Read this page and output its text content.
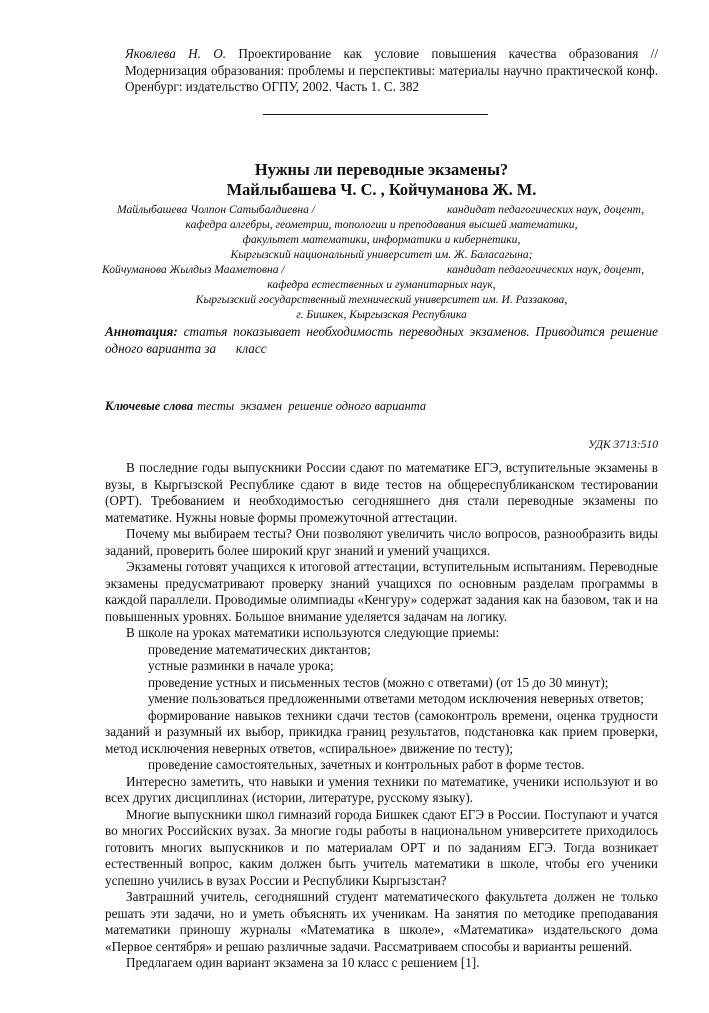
Яковлева Н. О. Проектирование как условие повышения качества образования // Модернизация образования: проблемы и перспективы: материалы научно практической конф. Оренбург: издательство ОГПУ, 2002. Часть 1. С. 382

Нужны ли переводные экзамены?

Майлыбашева Ч. С. , Койчуманова Ж. М.

Майлыбашева Чолпон Сатыбалдиевна /	кандидат педагогических наук, доцент,
кафедра алгебры, геометрии, топологии и преподавания высшей математики,
факультет математики, информатики и кибернетики,
Кыргызский национальный университет им. Ж. Баласагына;
Койчуманова Жылдыз Мааметовна /	кандидат педагогических наук, доцент,
кафедра естественных и гуманитарных наук,
Кыргызский государственный технический университет им. И. Раззакова,
г. Бишкек, Кыргызская Республика

Аннотация: статья показывает необходимость переводных экзаменов. Приводится решение одного варианта за      класс

Ключевые слова тесты  экзамен  решение одного варианта

УДК 3713:510

В последние годы выпускники России сдают по математике ЕГЭ, вступительные экзамены в вузы, в Кыргызской Республике сдают в виде тестов на общереспубликанском тестировании (ОРТ). Требованием и необходимостью сегодняшнего дня стали переводные экзамены по математике. Нужны новые формы промежуточной аттестации.

Почему мы выбираем тесты? Они позволяют увеличить число вопросов, разнообразить виды заданий, проверить более широкий круг знаний и умений учащихся.

Экзамены готовят учащихся к итоговой аттестации, вступительным испытаниям. Переводные экзамены предусматривают проверку знаний учащихся по основным разделам программы в каждой параллели. Проводимые олимпиады «Кенгуру» содержат задания как на базовом, так и на повышенных уровнях. Большое внимание уделяется задачам на логику.

В школе на уроках математики используются следующие приемы:

проведение математических диктантов;

устные разминки в начале урока;

проведение устных и письменных тестов (можно с ответами) (от 15 до 30 минут);

умение пользоваться предложенными ответами методом исключения неверных ответов;

формирование навыков техники сдачи тестов (самоконтроль времени, оценка трудности заданий и разумный их выбор, прикидка границ результатов, подстановка как прием проверки, метод исключения неверных ответов, «спиральное» движение по тесту);

проведение самостоятельных, зачетных и контрольных работ в форме тестов.

Интересно заметить, что навыки и умения техники по математике, ученики используют и во всех других дисциплинах (истории, литературе, русскому языку).

Многие выпускники школ гимназий города Бишкек сдают ЕГЭ в России. Поступают и учатся во многих Российских вузах. За многие годы работы в национальном университете приходилось готовить многих выпускников и по материалам ОРТ и по заданиям ЕГЭ. Тогда возникает естественный вопрос, каким должен быть учитель математики в школе, чтобы его ученики успешно учились в вузах России и Республики Кыргызстан?

Завтрашний учитель, сегодняшний студент математического факультета должен не только решать эти задачи, но и уметь объяснять их ученикам. На занятия по методике преподавания математики приношу журналы «Математика в школе», «Математика» издательского дома «Первое сентября» и решаю различные задачи. Рассматриваем способы и варианты решений.

Предлагаем один вариант экзамена за 10 класс с решением [1].
